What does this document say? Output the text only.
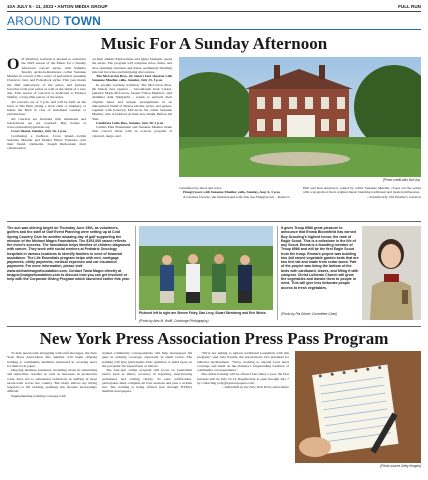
10A JULY 5 - 11, 2023 • ANTON MEDIA GROUP	FULL RUN
AROUND TOWN
Music For A Sunday Afternoon

Old Westbury Gardens is pleased to announce the 2023 season of the Music for a Sunday Afternoon concert series, with Summer Sunday Artist-in-Residence cellist Suzanne Mueller in concert with a roster of performers spanning Classical, Jazz, and Folk-Rock styles. This year marks the 20th anniversary of the series, and features favorites from past series as well as the debut of a new duo. This season of concerts is dedicated to Eleanor Sheffer, a long-time patron of the series.

All concerts are at 3 p.m. and will be held on the lawn at The Barn (bring a lawn chair or blanket), or inside the Barn in case of inclement weather or extreme heat.

All concerts are included with admission and reservations are not required. Buy tickets at www.oldwestburygardens.org.

Cross Island, Sunday, July 16, 3 p.m.

Continuing a tradition, Cross Island—Cellist Suzanne Mueller and Pianist Elinor Fantasia—join their friend, clarinetist, Joseph Rutkowski, their collaboration

on their albums Explorations and Quiet Strength, opens the series. The program will comprise solos, duets, and trios spanning centuries and styles, seamlessly blending beloved favorites and intriguing discoveries.

The McCarron Bros. (& Sister) Jazz Quartet with Suzanne Mueller, cello, Sunday, July 23, 3 p.m.

In another Gardens tradition, The McCarron Bros. (& Sister) Jazz Quartet – Saxophonist Paul Carlon, guitarist Mack McCarron, bassist Trifon Dimitrov, and drummer Ami Sekiguchi – return to perform their original tunes and unique arrangements in an atmospheric blend of diverse idioms, styles, and genres, together with honorary McCarron Sis cellist Suzanne Mueller, who is featured on their new album, Before All This.

Cambiata Cello Duo, Sunday, July 30, 3 p.m.

Cellists Paul Finkelstein and Suzanne Mueller make their concert debut with an eclectic program of classical, tango, and

(Photo credit Alex Nuf Ga)

contemporary duets and solos.

Hungrytown with Suzanne Mueller, cello, Sunday, Aug. 6, 3 p.m.

A Gardens favorite, the husband-and-wife folk duo Hungrytown – Rebecca

Hall and Ken Anderson, joined by cellist Suzanne Mueller, closes out the series with a program of their original music blending traditional and modern influences.

—Submitted by Old Westbury Gardens

The sun was shining bright on Thursday June 15th, as volunteers, golfers and the staff of Golf Event Planning were setting up at Cold Spring Country Club for another amazing day of golf supporting the mission of the Michael Magro Foundation. The $193,000 raised reflects the event's success. The foundation helps families of children diagnosed with cancer. They work with social workers at Pediatric Oncology hospitals in various locations to identify families in need of financial assistance. The Life Essentials program helps with rent, mortgage payments, utility payments, medical expenses and car insurance/ payments. For more information, please visit www.michaelmagrofoundation.com. Contact Tania Magro directly at tmagro@magrofoundation.com to discuss how you can get involved or help with the Corporate Giving Program which launched earlier this year.
Pictured left to right are Steven Foley, Dan Levy, Stuart Sternberg and Eric Weiss.
(Photo by Alex M. Wolff, Concierge Photography)
It gives Troop 6566 great pleasure to announce that Emma Bloomfield has earned Boy Scouting's highest honor, the rank of Eagle Scout. This is a milestone in the life of any Scout. Emma is a founding member of Troop 6566 and will be the first Eagle Scout from the troop. Emma's project was building two 4x8 raised vegetable garden beds that are two feet tall and made from cedar wood. Part of the project was lining the bottom of the beds with cardboard, leaves, and filling it with compost. Christ Lutheran Church will grow the vegetables and donate them to people in need. This will give less fortunate people access to fresh vegetables.
(Photo by Pia Glover, Committee Chair)
New York Press Association Press Pass Program

To help newsrooms struggling with staff shortages, the New York Press Association this summer will begin offering training to community members interested in covering news for their local paper.

Ongoing business pressures, including drops in advertising and subscriber revenue as well as increases in production costs, have led to substantial reductions in staffing in most newsrooms across the country. But many editors say hiring reporters to fill existing openings has become increasingly difficult.

Supplementing existing coverage with

trained community correspondents will help newspapers fill gaps in existing coverage, especially in small towns. The training will give participants basic guidance to build upon on the job under the supervision of editors.

The four-part online program will focus on journalism basics such as ethics, accuracy in reporting, interviewing techniques and writing clearly. To earn certification, participants must complete all four sessions and pass a written test. The training is being offered free through NYPA's member newspapers.

"We're not aiming to replace traditional journalists with this program," said Jody Patrick, the association's vice president for editorial development. "We're working to expand local news coverage and build on the industry's longstanding tradition of community correspondents."

The online training will be offered four times a year; the first sessions will be July 10-13. Registration is open through July 7 by contacting jody@nynewspapers.com.

—Submitted by the New York Press Association

(Photo source Getty Images)
